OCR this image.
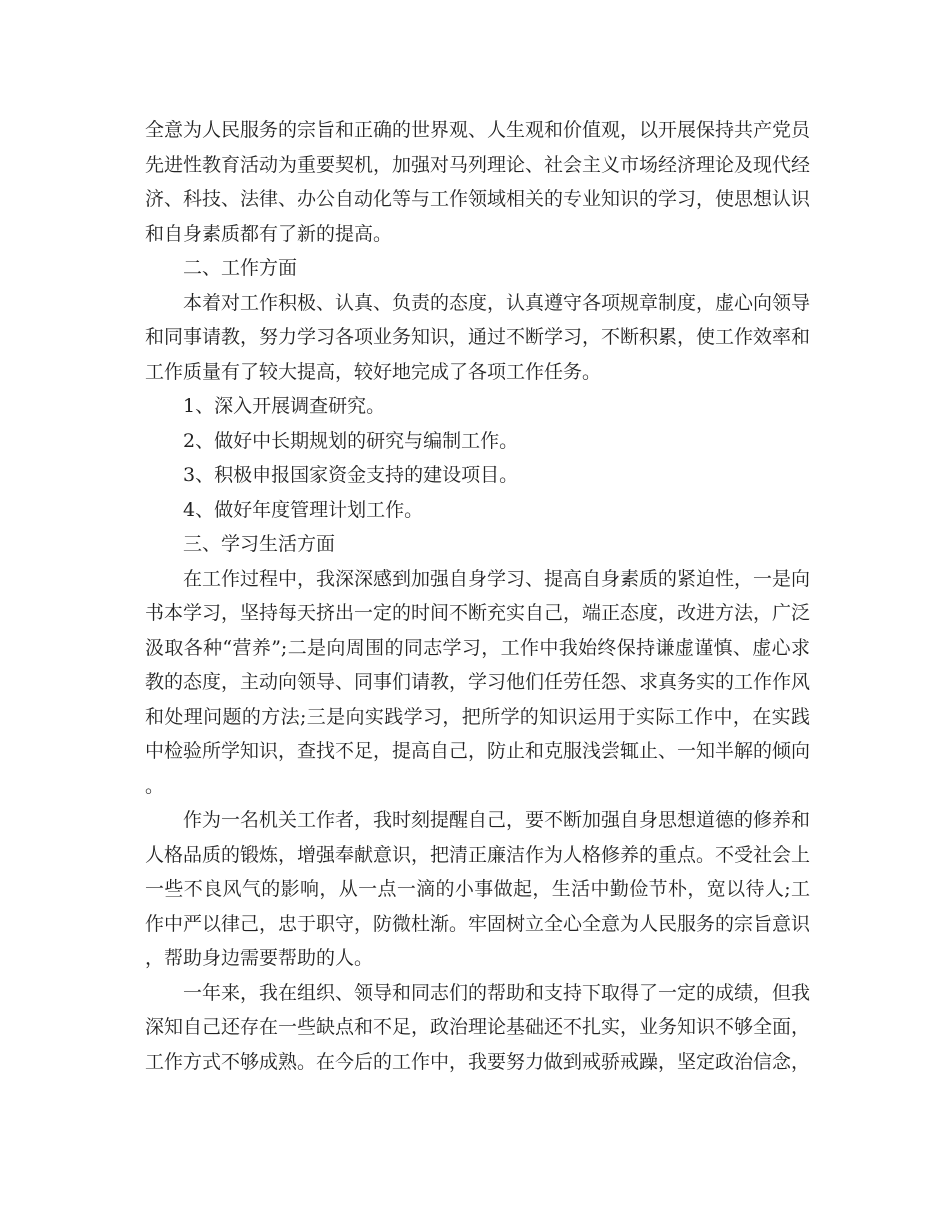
全意为人民服务的宗旨和正确的世界观、人生观和价值观，以开展保持共产党员先进性教育活动为重要契机，加强对马列理论、社会主义市场经济理论及现代经济、科技、法律、办公自动化等与工作领域相关的专业知识的学习，使思想认识和自身素质都有了新的提高。

二、工作方面

本着对工作积极、认真、负责的态度，认真遵守各项规章制度，虚心向领导和同事请教，努力学习各项业务知识，通过不断学习，不断积累，使工作效率和工作质量有了较大提高，较好地完成了各项工作任务。

1、深入开展调查研究。

2、做好中长期规划的研究与编制工作。

3、积极申报国家资金支持的建设项目。

4、做好年度管理计划工作。

三、学习生活方面

在工作过程中，我深深感到加强自身学习、提高自身素质的紧迫性，一是向书本学习，坚持每天挤出一定的时间不断充实自己，端正态度，改进方法，广泛汲取各种“营养”;二是向周围的同志学习，工作中我始终保持谦虚谨慎、虚心求教的态度，主动向领导、同事们请教，学习他们任劳任怨、求真务实的工作作风和处理问题的方法;三是向实践学习，把所学的知识运用于实际工作中，在实践中检验所学知识，查找不足，提高自己，防止和克服浅尝辄止、一知半解的倾向。

作为一名机关工作者，我时刻提醒自己，要不断加强自身思想道德的修养和人格品质的锻炼，增强奉献意识，把清正廉洁作为人格修养的重点。不受社会上一些不良风气的影响，从一点一滴的小事做起，生活中勤俭节朴，宽以待人;工作中严以律己，忠于职守，防微杜渐。牢固树立全心全意为人民服务的宗旨意识，帮助身边需要帮助的人。

一年来，我在组织、领导和同志们的帮助和支持下取得了一定的成绩，但我深知自己还存在一些缺点和不足，政治理论基础还不扎实，业务知识不够全面，工作方式不够成熟。在今后的工作中，我要努力做到戒骄戒躁，坚定政治信念，
